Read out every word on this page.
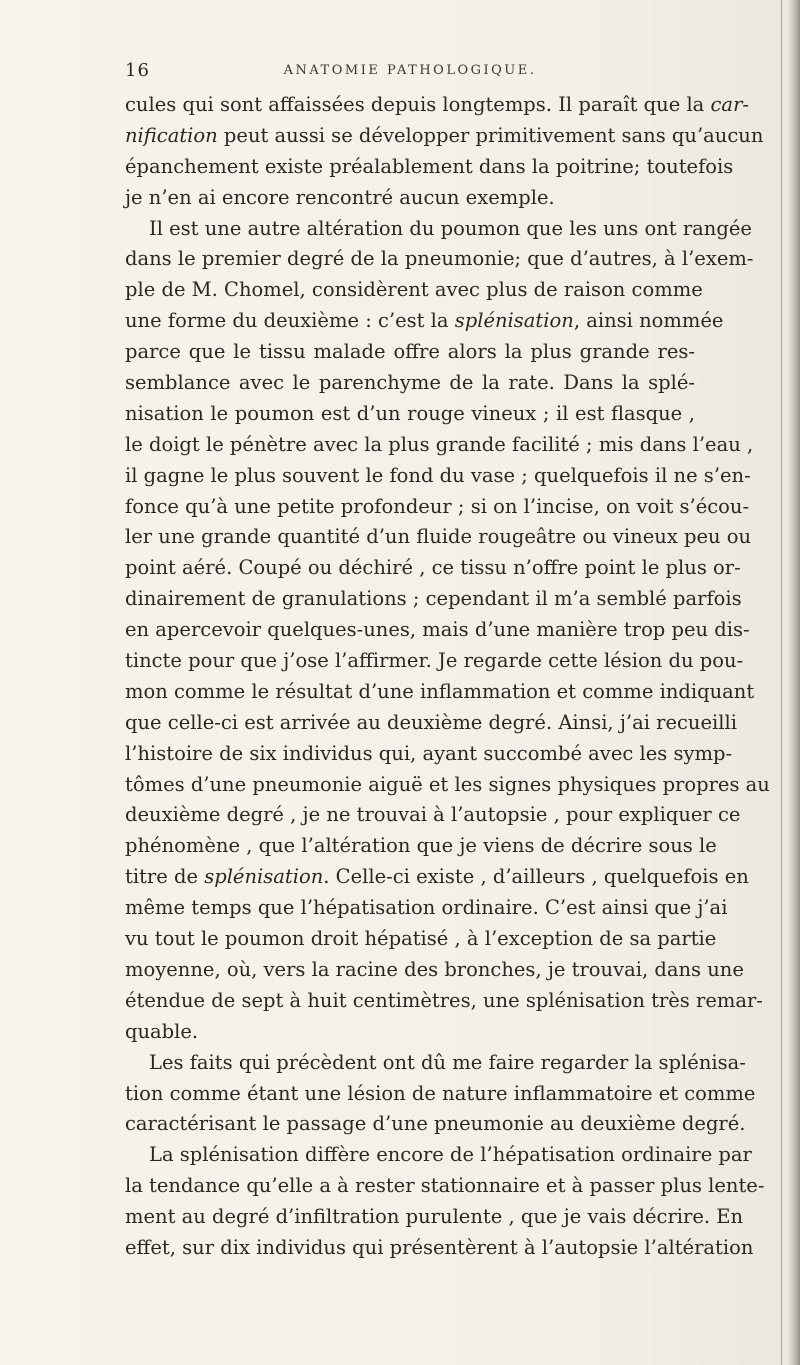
16	ANATOMIE PATHOLOGIQUE.
cules qui sont affaissées depuis longtemps. Il paraît que la car-
nification peut aussi se développer primitivement sans qu’aucun
épanchement existe préalablement dans la poitrine; toutefois
je n’en ai encore rencontré aucun exemple.
Il est une autre altération du poumon que les uns ont rangée
dans le premier degré de la pneumonie; que d’autres, à l’exem-
ple de M. Chomel, considèrent avec plus de raison comme
une forme du deuxième : c’est la splénisation, ainsi nommée
parce que le tissu malade offre alors la plus grande res-
semblance avec le parenchyme de la rate. Dans la splé-
nisation le poumon est d’un rouge vineux ; il est flasque ,
le doigt le pénètre avec la plus grande facilité ; mis dans l’eau ,
il gagne le plus souvent le fond du vase ; quelquefois il ne s’en-
fonce qu’à une petite profondeur ; si on l’incise, on voit s’écou-
ler une grande quantité d’un fluide rougeâtre ou vineux peu ou
point aéré. Coupé ou déchiré , ce tissu n’offre point le plus or-
dinairement de granulations ; cependant il m’a semblé parfois
en apercevoir quelques-unes, mais d’une manière trop peu dis-
tincte pour que j’ose l’affirmer. Je regarde cette lésion du pou-
mon comme le résultat d’une inflammation et comme indiquant
que celle-ci est arrivée au deuxième degré. Ainsi, j’ai recueilli
l’histoire de six individus qui, ayant succombé avec les symp-
tômes d’une pneumonie aiguë et les signes physiques propres au
deuxième degré , je ne trouvai à l’autopsie , pour expliquer ce
phénomène , que l’altération que je viens de décrire sous le
titre de splénisation. Celle-ci existe , d’ailleurs , quelquefois en
même temps que l’hépatisation ordinaire. C’est ainsi que j’ai
vu tout le poumon droit hépatisé , à l’exception de sa partie
moyenne, où, vers la racine des bronches, je trouvai, dans une
étendue de sept à huit centimètres, une splénisation très remar-
quable.
Les faits qui précèdent ont dû me faire regarder la splénisa-
tion comme étant une lésion de nature inflammatoire et comme
caractérisant le passage d’une pneumonie au deuxième degré.
La splénisation diffère encore de l’hépatisation ordinaire par
la tendance qu’elle a à rester stationnaire et à passer plus lente-
ment au degré d’infiltration purulente , que je vais décrire. En
effet, sur dix individus qui présentèrent à l’autopsie l’altération
